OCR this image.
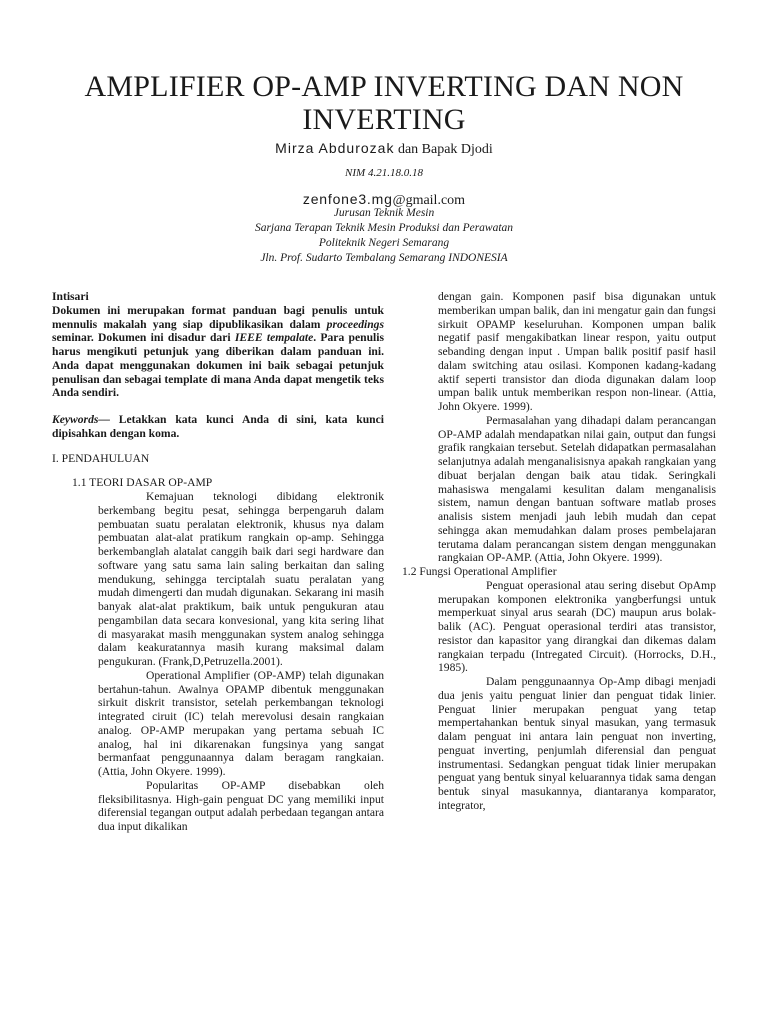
AMPLIFIER OP-AMP INVERTING DAN NON INVERTING
Mirza Abdurozak dan Bapak Djodi
NIM 4.21.18.0.18
zenfone3.mg@gmail.com
Jurusan Teknik Mesin
Sarjana Terapan Teknik Mesin Produksi dan Perawatan
Politeknik Negeri Semarang
Jln. Prof. Sudarto Tembalang Semarang INDONESIA
Intisari

Dokumen ini merupakan format panduan bagi penulis untuk mennulis makalah yang siap dipublikasikan dalam proceedings seminar. Dokumen ini disadur dari IEEE tempalate. Para penulis harus mengikuti petunjuk yang diberikan dalam panduan ini. Anda dapat menggunakan dokumen ini baik sebagai petunjuk penulisan dan sebagai template di mana Anda dapat mengetik teks Anda sendiri.

Keywords— Letakkan kata kunci Anda di sini, kata kunci dipisahkan dengan koma.

I. PENDAHULUAN
1.1 TEORI DASAR OP-AMP

Kemajuan teknologi dibidang elektronik berkembang begitu pesat, sehingga berpengaruh dalam pembuatan suatu peralatan elektronik, khusus nya dalam pembuatan alat-alat pratikum rangkain op-amp. Sehingga berkembanglah alatalat canggih baik dari segi hardware dan software yang satu sama lain saling berkaitan dan saling mendukung, sehingga terciptalah suatu peralatan yang mudah dimengerti dan mudah digunakan. Sekarang ini masih banyak alat-alat praktikum, baik untuk pengukuran atau pengambilan data secara konvesional, yang kita sering lihat di masyarakat masih menggunakan system analog sehingga dalam keakuratannya masih kurang maksimal dalam pengukuran. (Frank,D,Petruzella.2001).

Operational Amplifier (OP-AMP) telah digunakan bertahun-tahun. Awalnya OPAMP dibentuk menggunakan sirkuit diskrit transistor, setelah perkembangan teknologi integrated ciruit (IC) telah merevolusi desain rangkaian analog. OP-AMP merupakan yang pertama sebuah IC analog, hal ini dikarenakan fungsinya yang sangat bermanfaat penggunaannya dalam beragam rangkaian. (Attia, John Okyere. 1999).

Popularitas OP-AMP disebabkan oleh fleksibilitasnya. High-gain penguat DC yang memiliki input diferensial tegangan output adalah perbedaan tegangan antara dua input dikalikan

dengan gain. Komponen pasif bisa digunakan untuk memberikan umpan balik, dan ini mengatur gain dan fungsi sirkuit OPAMP keseluruhan. Komponen umpan balik negatif pasif mengakibatkan linear respon, yaitu output sebanding dengan input . Umpan balik positif pasif hasil dalam switching atau osilasi. Komponen kadang-kadang aktif seperti transistor dan dioda digunakan dalam loop umpan balik untuk memberikan respon non-linear. (Attia, John Okyere. 1999).

Permasalahan yang dihadapi dalam perancangan OP-AMP adalah mendapatkan nilai gain, output dan fungsi grafik rangkaian tersebut. Setelah didapatkan permasalahan selanjutnya adalah menganalisisnya apakah rangkaian yang dibuat berjalan dengan baik atau tidak. Seringkali mahasiswa mengalami kesulitan dalam menganalisis sistem, namun dengan bantuan software matlab proses analisis sistem menjadi jauh lebih mudah dan cepat sehingga akan memudahkan dalam proses pembelajaran terutama dalam perancangan sistem dengan menggunakan rangkaian OP-AMP. (Attia, John Okyere. 1999).

1.2 Fungsi Operational Amplifier

Penguat operasional atau sering disebut OpAmp merupakan komponen elektronika yangberfungsi untuk memperkuat sinyal arus searah (DC) maupun arus bolak-balik (AC). Penguat operasional terdiri atas transistor, resistor dan kapasitor yang dirangkai dan dikemas dalam rangkaian terpadu (Intregated Circuit). (Horrocks, D.H., 1985).

Dalam penggunaannya Op-Amp dibagi menjadi dua jenis yaitu penguat linier dan penguat tidak linier. Penguat linier merupakan penguat yang tetap mempertahankan bentuk sinyal masukan, yang termasuk dalam penguat ini antara lain penguat non inverting, penguat inverting, penjumlah diferensial dan penguat instrumentasi. Sedangkan penguat tidak linier merupakan penguat yang bentuk sinyal keluarannya tidak sama dengan bentuk sinyal masukannya, diantaranya komparator, integrator,
